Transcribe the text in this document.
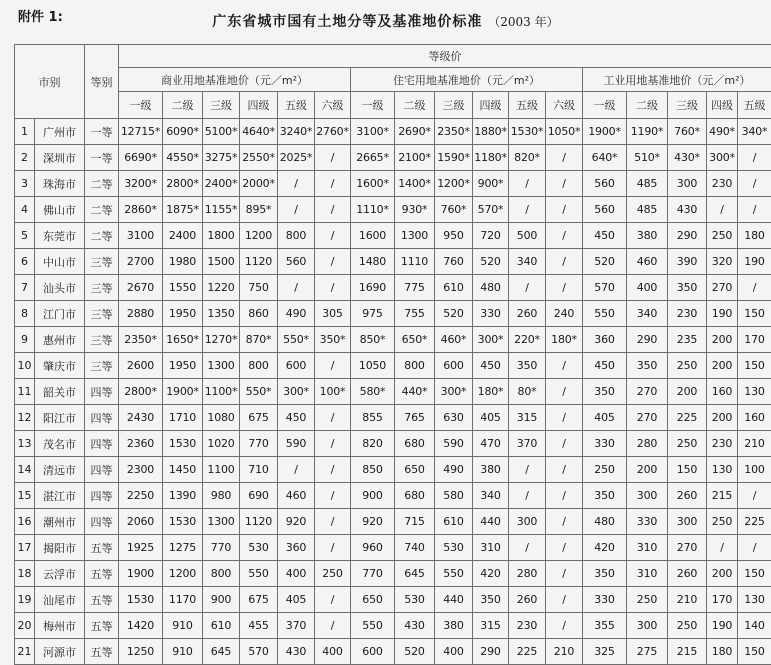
附件 1:	广东省城市国有土地分等及基准地价标准 （2003 年）
市别		等别	等级价																
			商业用地基准地价（元／m²）						住宅用地基准地价（元／m²）						工业用地基准地价（元／m²）				
			一级	二级	三级	四级	五级	六级	一级	二级	三级	四级	五级	六级	一级	二级	三级	四级	五级
1	广州市	一等	12715*	6090*	5100*	4640*	3240*	2760*	3100*	2690*	2350*	1880*	1530*	1050*	1900*	1190*	760*	490*	340*
2	深圳市	一等	6690*	4550*	3275*	2550*	2025*	/	2665*	2100*	1590*	1180*	820*	/	640*	510*	430*	300*	/
3	珠海市	二等	3200*	2800*	2400*	2000*	/	/	1600*	1400*	1200*	900*	/	/	560	485	300	230	/
4	佛山市	二等	2860*	1875*	1155*	895*	/	/	1110*	930*	760*	570*	/	/	560	485	430	/	/
5	东莞市	二等	3100	2400	1800	1200	800	/	1600	1300	950	720	500	/	450	380	290	250	180
6	中山市	三等	2700	1980	1500	1120	560	/	1480	1110	760	520	340	/	520	460	390	320	190
7	汕头市	三等	2670	1550	1220	750	/	/	1690	775	610	480	/	/	570	400	350	270	/
8	江门市	三等	2880	1950	1350	860	490	305	975	755	520	330	260	240	550	340	230	190	150
9	惠州市	三等	2350*	1650*	1270*	870*	550*	350*	850*	650*	460*	300*	220*	180*	360	290	235	200	170
10	肇庆市	三等	2600	1950	1300	800	600	/	1050	800	600	450	350	/	450	350	250	200	150
11	韶关市	四等	2800*	1900*	1100*	550*	300*	100*	580*	440*	300*	180*	80*	/	350	270	200	160	130
12	阳江市	四等	2430	1710	1080	675	450	/	855	765	630	405	315	/	405	270	225	200	160
13	茂名市	四等	2360	1530	1020	770	590	/	820	680	590	470	370	/	330	280	250	230	210
14	清远市	四等	2300	1450	1100	710	/	/	850	650	490	380	/	/	250	200	150	130	100
15	湛江市	四等	2250	1390	980	690	460	/	900	680	580	340	/	/	350	300	260	215	/
16	潮州市	四等	2060	1530	1300	1120	920	/	920	715	610	440	300	/	480	330	300	250	225
17	揭阳市	五等	1925	1275	770	530	360	/	960	740	530	310	/	/	420	310	270	/	/
18	云浮市	五等	1900	1200	800	550	400	250	770	645	550	420	280	/	350	310	260	200	150
19	汕尾市	五等	1530	1170	900	675	405	/	650	530	440	350	260	/	330	250	210	170	130
20	梅州市	五等	1420	910	610	455	370	/	550	430	380	315	230	/	355	300	250	190	140
21	河源市	五等	1250	910	645	570	430	400	600	520	400	290	225	210	325	275	215	180	150
